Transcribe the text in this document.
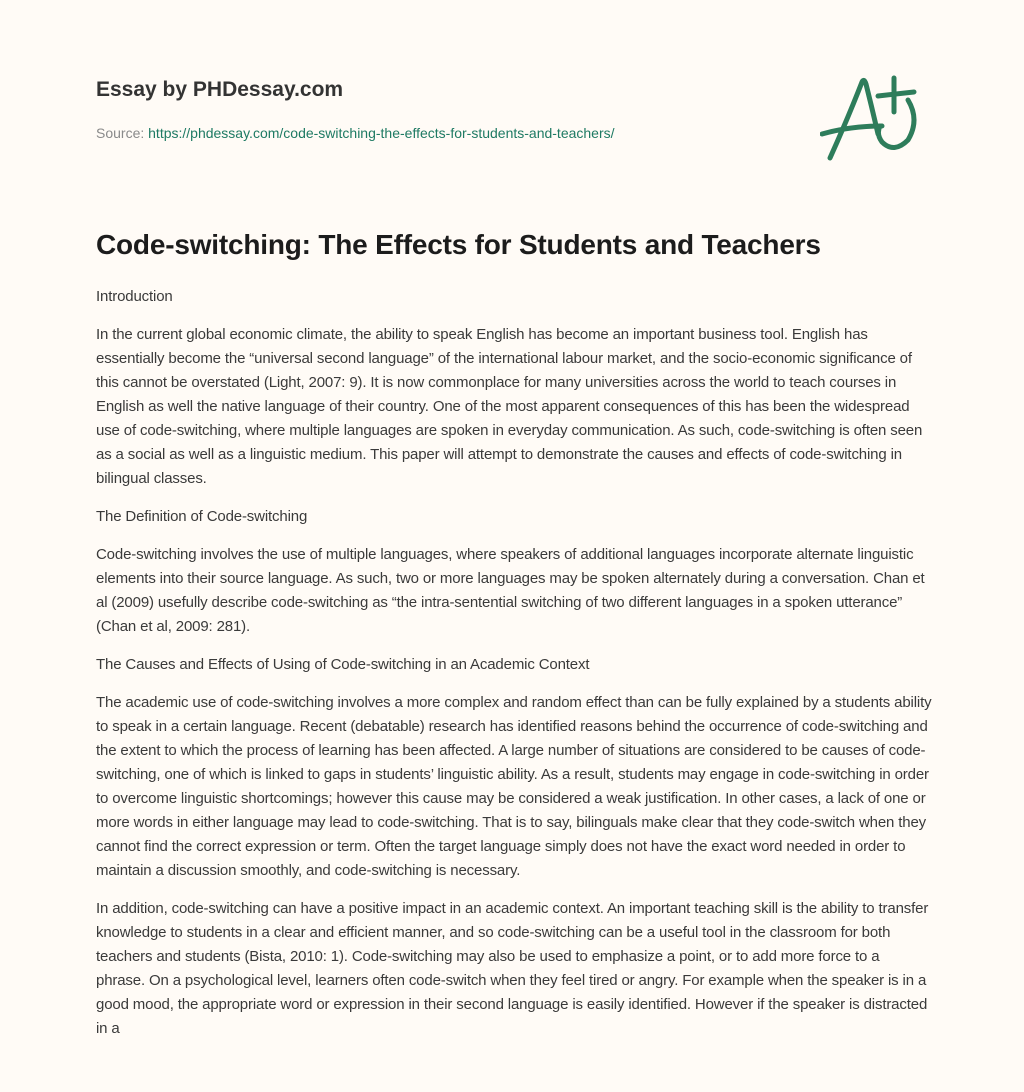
Essay by PHDessay.com
Source: https://phdessay.com/code-switching-the-effects-for-students-and-teachers/
Code-switching: The Effects for Students and Teachers

Introduction

In the current global economic climate, the ability to speak English has become an important business tool. English has essentially become the “universal second language” of the international labour market, and the socio-economic significance of this cannot be overstated (Light, 2007: 9). It is now commonplace for many universities across the world to teach courses in English as well the native language of their country. One of the most apparent consequences of this has been the widespread use of code-switching, where multiple languages are spoken in everyday communication. As such, code-switching is often seen as a social as well as a linguistic medium. This paper will attempt to demonstrate the causes and effects of code-switching in bilingual classes.

The Definition of Code-switching

Code-switching involves the use of multiple languages, where speakers of additional languages incorporate alternate linguistic elements into their source language. As such, two or more languages may be spoken alternately during a conversation. Chan et al (2009) usefully describe code-switching as “the intra-sentential switching of two different languages in a spoken utterance” (Chan et al, 2009: 281).

The Causes and Effects of Using of Code-switching in an Academic Context

The academic use of code-switching involves a more complex and random effect than can be fully explained by a students ability to speak in a certain language. Recent (debatable) research has identified reasons behind the occurrence of code-switching and the extent to which the process of learning has been affected. A large number of situations are considered to be causes of code-switching, one of which is linked to gaps in students’ linguistic ability. As a result, students may engage in code-switching in order to overcome linguistic shortcomings; however this cause may be considered a weak justification. In other cases, a lack of one or more words in either language may lead to code-switching. That is to say, bilinguals make clear that they code-switch when they cannot find the correct expression or term. Often the target language simply does not have the exact word needed in order to maintain a discussion smoothly, and code-switching is necessary.

In addition, code-switching can have a positive impact in an academic context. An important teaching skill is the ability to transfer knowledge to students in a clear and efficient manner, and so code-switching can be a useful tool in the classroom for both teachers and students (Bista, 2010: 1). Code-switching may also be used to emphasize a point, or to add more force to a phrase. On a psychological level, learners often code-switch when they feel tired or angry. For example when the speaker is in a good mood, the appropriate word or expression in their second language is easily identified. However if the speaker is distracted in a
